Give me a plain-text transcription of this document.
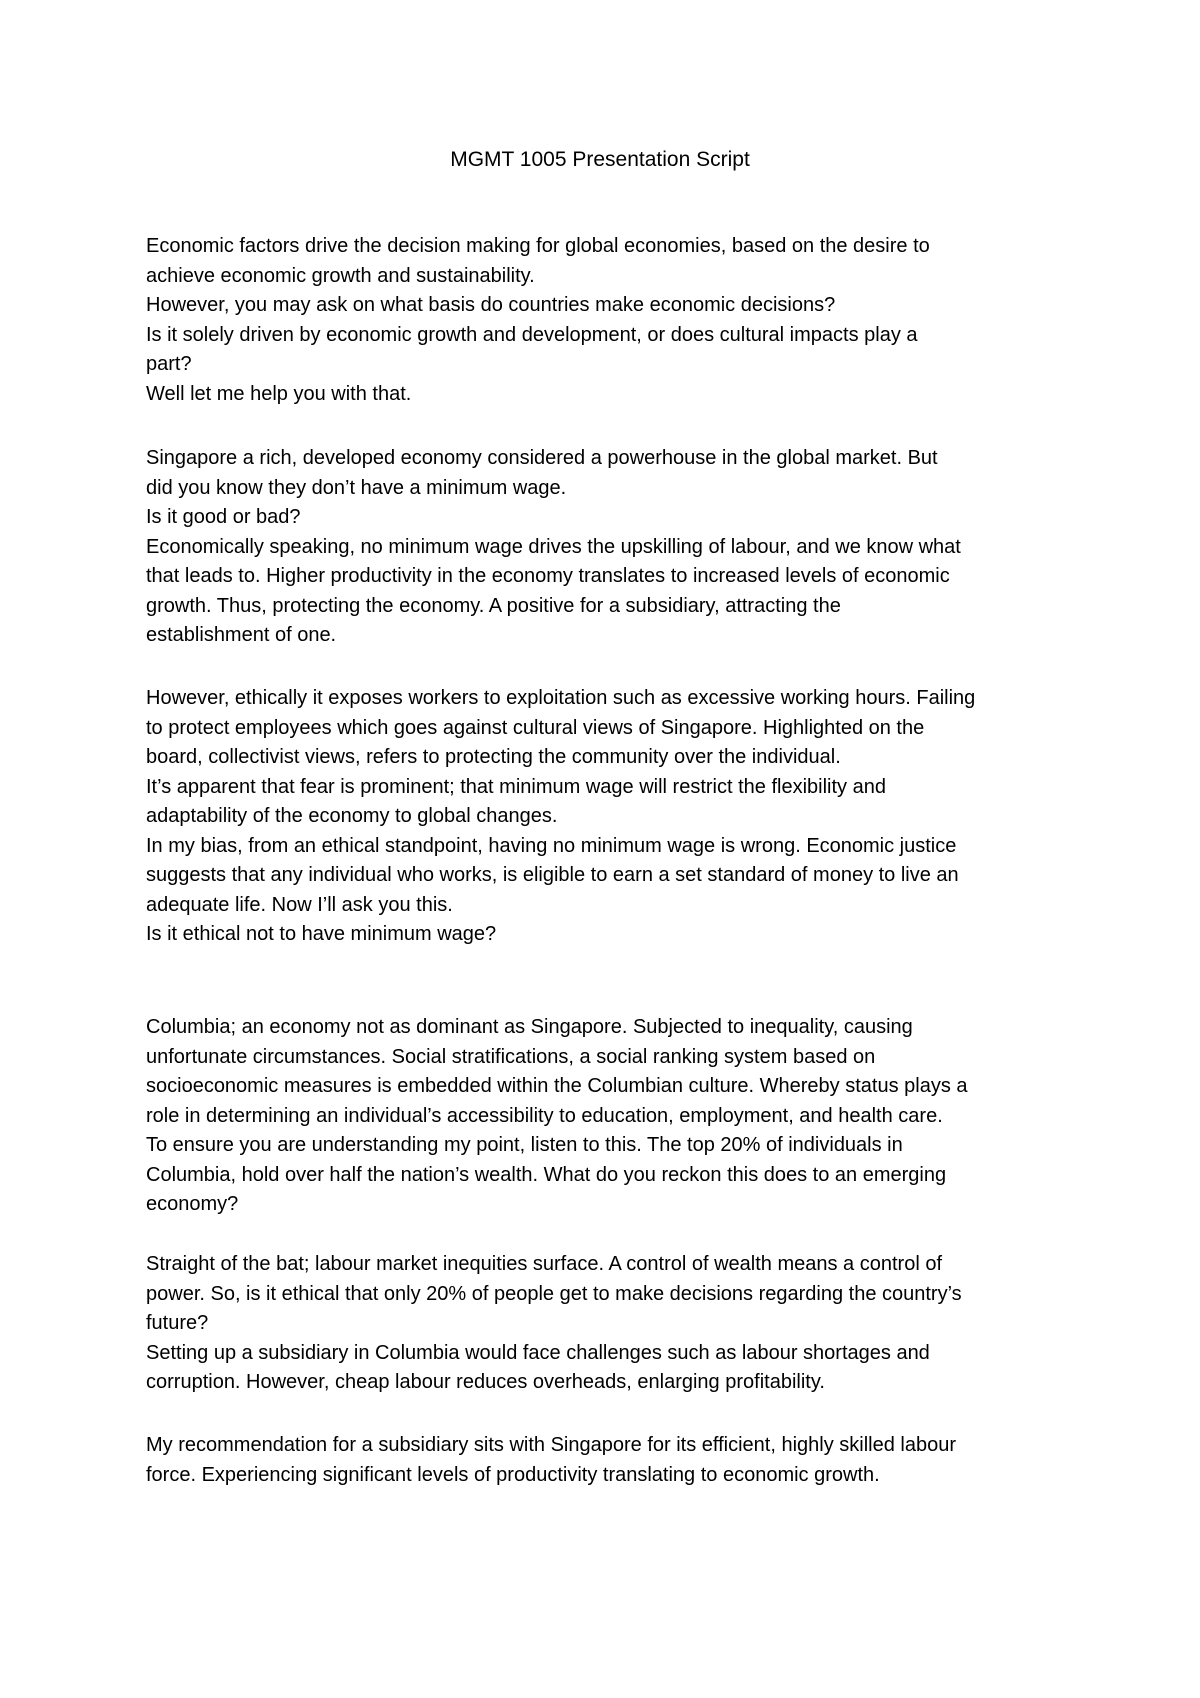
MGMT 1005 Presentation Script
Economic factors drive the decision making for global economies, based on the desire to
achieve economic growth and sustainability.
However, you may ask on what basis do countries make economic decisions?
Is it solely driven by economic growth and development, or does cultural impacts play a
part?
Well let me help you with that.
Singapore a rich, developed economy considered a powerhouse in the global market. But
did you know they don’t have a minimum wage.
Is it good or bad?
Economically speaking, no minimum wage drives the upskilling of labour, and we know what
that leads to. Higher productivity in the economy translates to increased levels of economic
growth. Thus, protecting the economy. A positive for a subsidiary, attracting the
establishment of one.
However, ethically it exposes workers to exploitation such as excessive working hours. Failing
to protect employees which goes against cultural views of Singapore. Highlighted on the
board, collectivist views, refers to protecting the community over the individual.
It’s apparent that fear is prominent; that minimum wage will restrict the flexibility and
adaptability of the economy to global changes.
In my bias, from an ethical standpoint, having no minimum wage is wrong. Economic justice
suggests that any individual who works, is eligible to earn a set standard of money to live an
adequate life. Now I’ll ask you this.
Is it ethical not to have minimum wage?
Columbia; an economy not as dominant as Singapore. Subjected to inequality, causing
unfortunate circumstances. Social stratifications, a social ranking system based on
socioeconomic measures is embedded within the Columbian culture. Whereby status plays a
role in determining an individual’s accessibility to education, employment, and health care.
To ensure you are understanding my point, listen to this. The top 20% of individuals in
Columbia, hold over half the nation’s wealth. What do you reckon this does to an emerging
economy?
Straight of the bat; labour market inequities surface. A control of wealth means a control of
power. So, is it ethical that only 20% of people get to make decisions regarding the country’s
future?
Setting up a subsidiary in Columbia would face challenges such as labour shortages and
corruption. However, cheap labour reduces overheads, enlarging profitability.
My recommendation for a subsidiary sits with Singapore for its efficient, highly skilled labour
force. Experiencing significant levels of productivity translating to economic growth.
